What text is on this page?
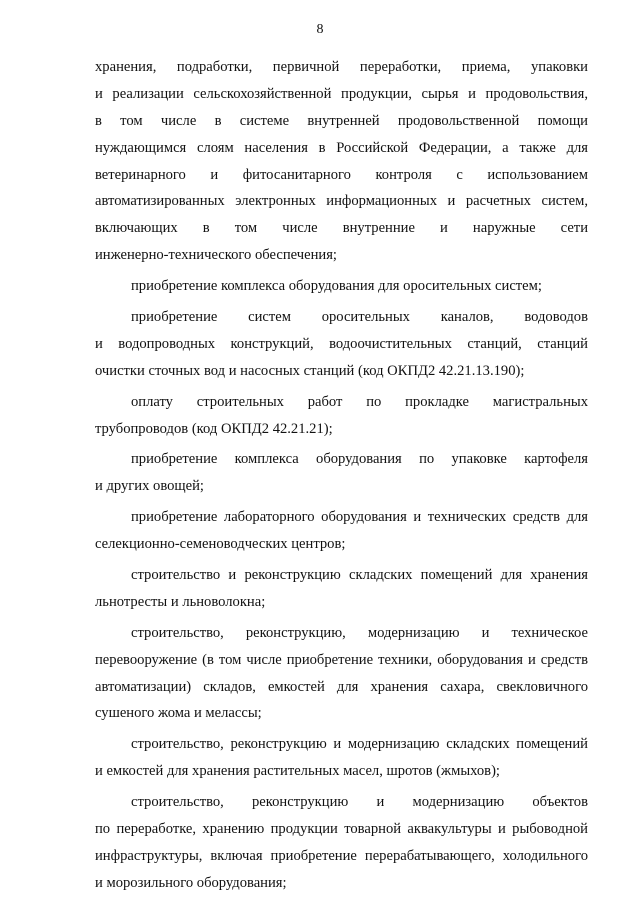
8
хранения, подработки, первичной переработки, приема, упаковки
и реализации сельскохозяйственной продукции, сырья и продовольствия,
в том числе в системе внутренней продовольственной помощи
нуждающимся слоям населения в Российской Федерации, а также для
ветеринарного и фитосанитарного контроля с использованием
автоматизированных электронных информационных и расчетных систем,
включающих в том числе внутренние и наружные сети
инженерно-технического обеспечения;
приобретение комплекса оборудования для оросительных систем;
приобретение систем оросительных каналов, водоводов
и водопроводных конструкций, водоочистительных станций, станций
очистки сточных вод и насосных станций (код ОКПД2 42.21.13.190);
оплату строительных работ по прокладке магистральных
трубопроводов (код ОКПД2 42.21.21);
приобретение комплекса оборудования по упаковке картофеля
и других овощей;
приобретение лабораторного оборудования и технических средств для
селекционно-семеноводческих центров;
строительство и реконструкцию складских помещений для хранения
льнотресты и льноволокна;
строительство, реконструкцию, модернизацию и техническое
перевооружение (в том числе приобретение техники, оборудования и средств
автоматизации) складов, емкостей для хранения сахара, свекловичного
сушеного жома и мелассы;
строительство, реконструкцию и модернизацию складских помещений
и емкостей для хранения растительных масел, шротов (жмыхов);
строительство, реконструкцию и модернизацию объектов
по переработке, хранению продукции товарной аквакультуры и рыбоводной
инфраструктуры, включая приобретение перерабатывающего, холодильного
и морозильного оборудования;
